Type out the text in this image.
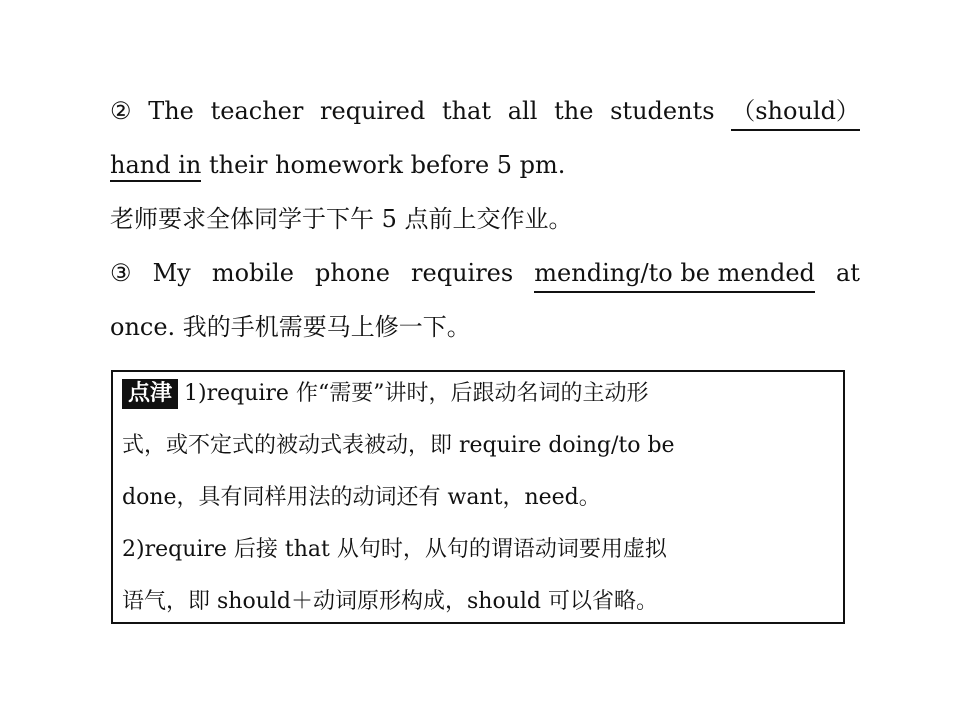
② The teacher required that all the students （should）
hand in their homework before 5 pm.
老师要求全体同学于下午 5 点前上交作业。
③ My mobile phone requires mending/to be mended at
once. 我的手机需要马上修一下。
点津 1)require 作“需要”讲时，后跟动名词的主动形
式，或不定式的被动式表被动，即 require doing/to be
done，具有同样用法的动词还有 want，need。
2)require 后接 that 从句时，从句的谓语动词要用虚拟
语气，即 should＋动词原形构成，should 可以省略。
